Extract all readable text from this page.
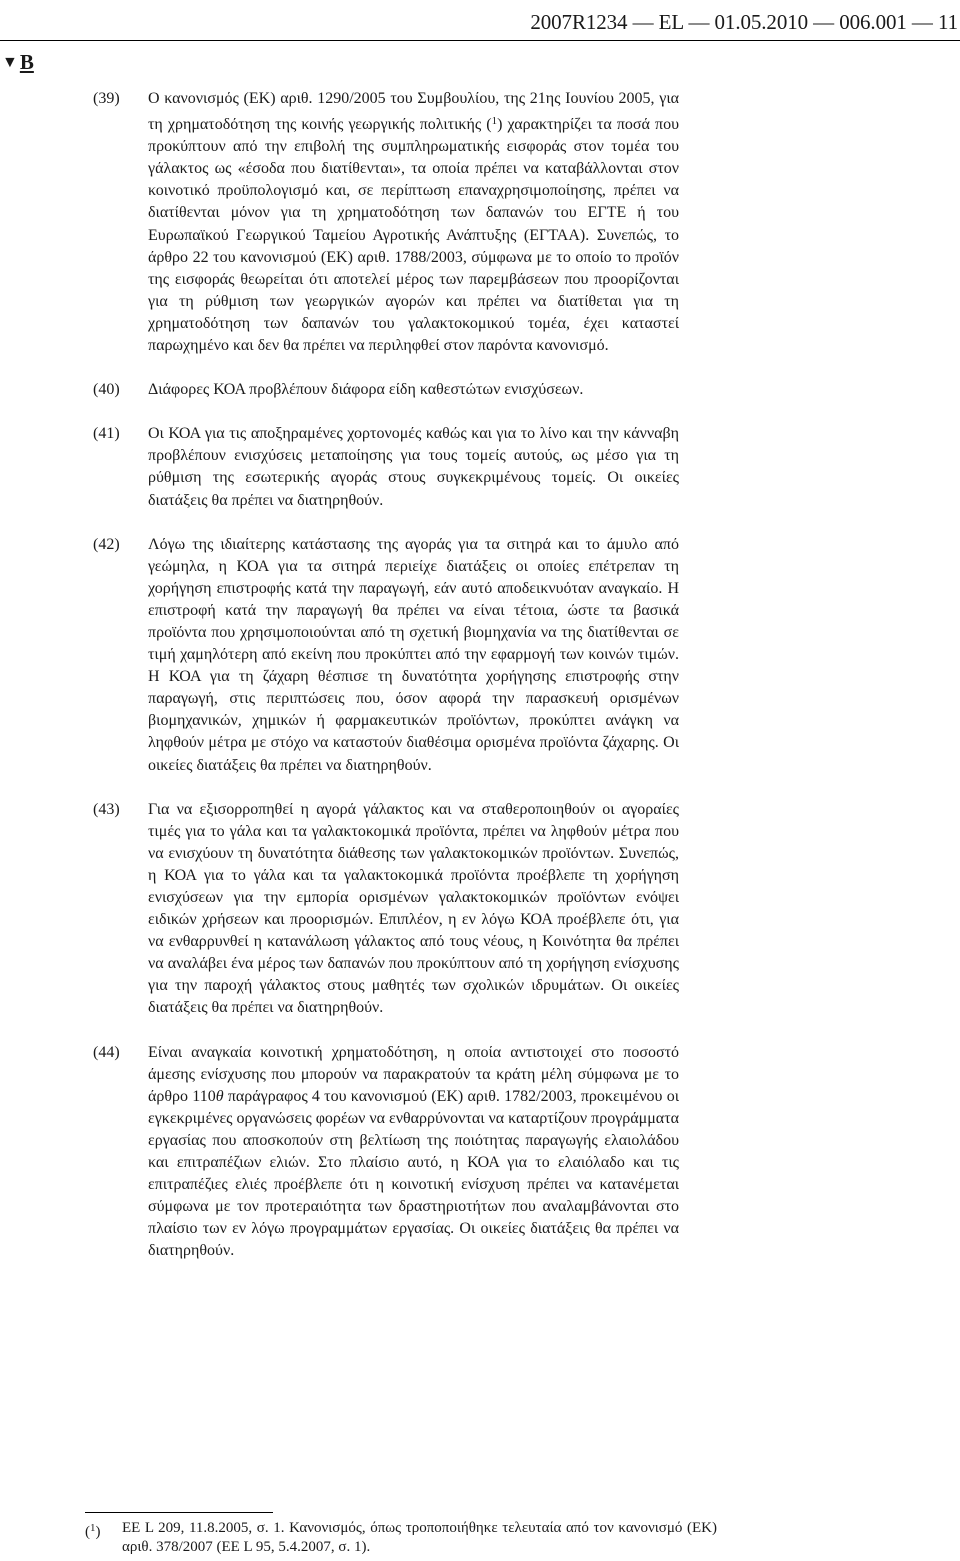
2007R1234 — EL — 01.05.2010 — 006.001 — 11
▼ B
(39) Ο κανονισμός (ΕΚ) αριθ. 1290/2005 του Συμβουλίου, της 21ης Ιουνίου 2005, για τη χρηματοδότηση της κοινής γεωργικής πολιτικής ($^1$) χαρακτηρίζει τα ποσά που προκύπτουν από την επιβολή της συμπληρωματικής εισφοράς στον τομέα του γάλακτος ως «έσοδα που διατίθενται», τα οποία πρέπει να καταβάλλονται στον κοινοτικό προϋπολογισμό και, σε περίπτωση επαναχρησιμοποίησης, πρέπει να διατίθενται μόνον για τη χρηματοδότηση των δαπανών του ΕΓΤΕ ή του Ευρωπαϊκού Γεωργικού Ταμείου Αγροτικής Ανάπτυξης (ΕΓΤΑΑ). Συνεπώς, το άρθρο 22 του κανονισμού (ΕΚ) αριθ. 1788/2003, σύμφωνα με το οποίο το προϊόν της εισφοράς θεωρείται ότι αποτελεί μέρος των παρεμβάσεων που προορίζονται για τη ρύθμιση των γεωργικών αγορών και πρέπει να διατίθεται για τη χρηματοδότηση των δαπανών του γαλακτοκομικού τομέα, έχει καταστεί παρωχημένο και δεν θα πρέπει να περιληφθεί στον παρόντα κανονισμό.
(40) Διάφορες ΚΟΑ προβλέπουν διάφορα είδη καθεστώτων ενισχύσεων.
(41) Οι ΚΟΑ για τις αποξηραμένες χορτονομές καθώς και για το λίνο και την κάνναβη προβλέπουν ενισχύσεις μεταποίησης για τους τομείς αυτούς, ως μέσο για τη ρύθμιση της εσωτερικής αγοράς στους συγκεκριμένους τομείς. Οι οικείες διατάξεις θα πρέπει να διατηρηθούν.
(42) Λόγω της ιδιαίτερης κατάστασης της αγοράς για τα σιτηρά και το άμυλο από γεώμηλα, η ΚΟΑ για τα σιτηρά περιείχε διατάξεις οι οποίες επέτρεπαν τη χορήγηση επιστροφής κατά την παραγωγή, εάν αυτό αποδεικνυόταν αναγκαίο. Η επιστροφή κατά την παραγωγή θα πρέπει να είναι τέτοια, ώστε τα βασικά προϊόντα που χρησιμοποιούνται από τη σχετική βιομηχανία να της διατίθενται σε τιμή χαμηλότερη από εκείνη που προκύπτει από την εφαρμογή των κοινών τιμών. Η ΚΟΑ για τη ζάχαρη θέσπισε τη δυνατότητα χορήγησης επιστροφής στην παραγωγή, στις περιπτώσεις που, όσον αφορά την παρασκευή ορισμένων βιομηχανικών, χημικών ή φαρμακευτικών προϊόντων, προκύπτει ανάγκη να ληφθούν μέτρα με στόχο να καταστούν διαθέσιμα ορισμένα προϊόντα ζάχαρης. Οι οικείες διατάξεις θα πρέπει να διατηρηθούν.
(43) Για να εξισορροπηθεί η αγορά γάλακτος και να σταθεροποιηθούν οι αγοραίες τιμές για το γάλα και τα γαλακτοκομικά προϊόντα, πρέπει να ληφθούν μέτρα που να ενισχύουν τη δυνατότητα διάθεσης των γαλακτοκομικών προϊόντων. Συνεπώς, η ΚΟΑ για το γάλα και τα γαλακτοκομικά προϊόντα προέβλεπε τη χορήγηση ενισχύσεων για την εμπορία ορισμένων γαλακτοκομικών προϊόντων ενόψει ειδικών χρήσεων και προορισμών. Επιπλέον, η εν λόγω ΚΟΑ προέβλεπε ότι, για να ενθαρρυνθεί η κατανάλωση γάλακτος από τους νέους, η Κοινότητα θα πρέπει να αναλάβει ένα μέρος των δαπανών που προκύπτουν από τη χορήγηση ενίσχυσης για την παροχή γάλακτος στους μαθητές των σχολικών ιδρυμάτων. Οι οικείες διατάξεις θα πρέπει να διατηρηθούν.
(44) Είναι αναγκαία κοινοτική χρηματοδότηση, η οποία αντιστοιχεί στο ποσοστό άμεσης ενίσχυσης που μπορούν να παρακρατούν τα κράτη μέλη σύμφωνα με το άρθρο 110θ παράγραφος 4 του κανονισμού (ΕΚ) αριθ. 1782/2003, προκειμένου οι εγκεκριμένες οργανώσεις φορέων να ενθαρρύνονται να καταρτίζουν προγράμματα εργασίας που αποσκοπούν στη βελτίωση της ποιότητας παραγωγής ελαιολάδου και επιτραπέζιων ελιών. Στο πλαίσιο αυτό, η ΚΟΑ για το ελαιόλαδο και τις επιτραπέζιες ελιές προέβλεπε ότι η κοινοτική ενίσχυση πρέπει να κατανέμεται σύμφωνα με τον προτεραιότητα των δραστηριοτήτων που αναλαμβάνονται στο πλαίσιο των εν λόγω προγραμμάτων εργασίας. Οι οικείες διατάξεις θα πρέπει να διατηρηθούν.
($^1$) ΕΕ L 209, 11.8.2005, σ. 1. Κανονισμός, όπως τροποποιήθηκε τελευταία από τον κανονισμό (ΕΚ) αριθ. 378/2007 (ΕΕ L 95, 5.4.2007, σ. 1).
